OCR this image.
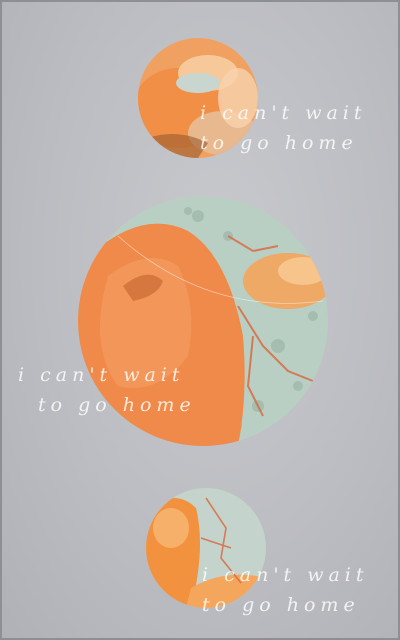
i can't wait
to go home

i can't wait
to go home

i can't wait
to go home
